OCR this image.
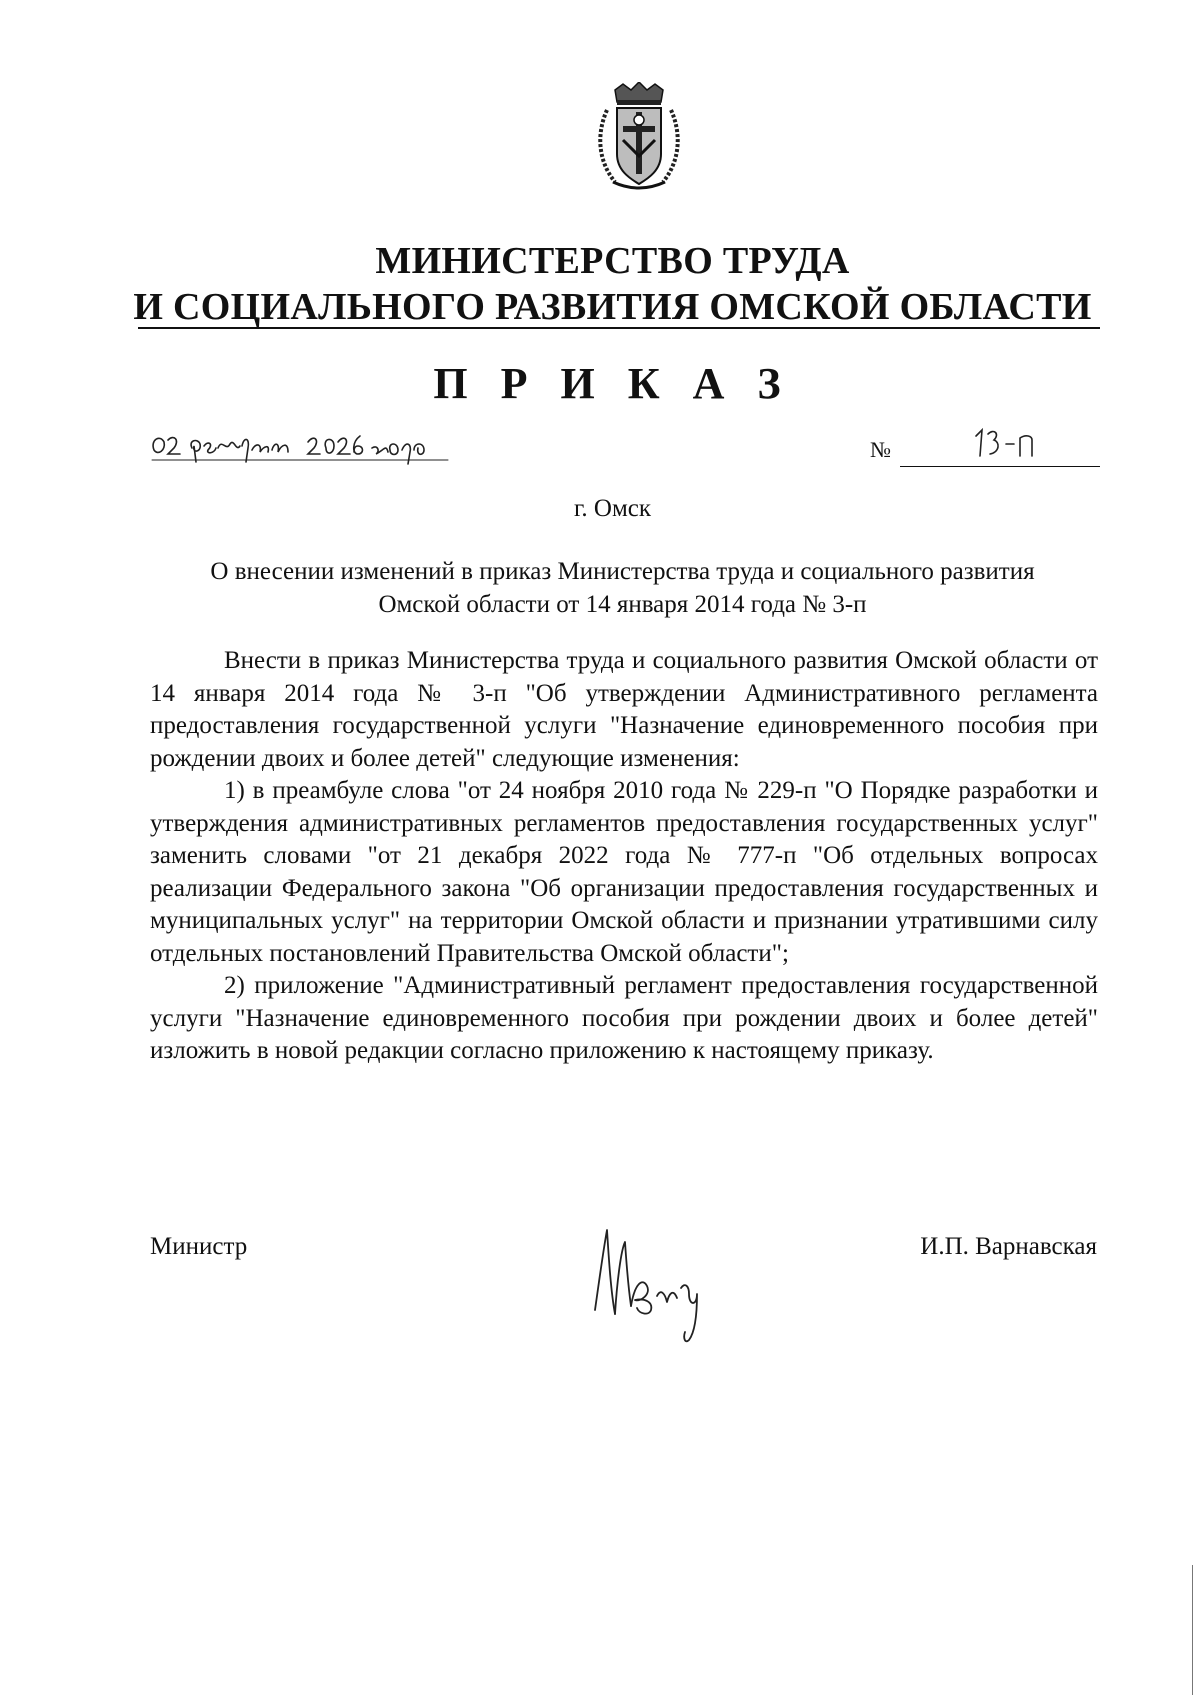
МИНИСТЕРСТВО ТРУДА
И СОЦИАЛЬНОГО РАЗВИТИЯ ОМСКОЙ ОБЛАСТИ
П Р И К А З
№
г. Омск
О внесении изменений в приказ Министерства труда и социального развития
Омской области от 14 января 2014 года № 3-п

Внести в приказ Министерства труда и социального развития Омской области от 14 января 2014 года № 3-п "Об утверждении Административного регламента предоставления государственной услуги "Назначение единовременного пособия при рождении двоих и более детей" следующие изменения:

1) в преамбуле слова "от 24 ноября 2010 года № 229-п "О Порядке разработки и утверждения административных регламентов предоставления государственных услуг" заменить словами "от 21 декабря 2022 года № 777-п "Об отдельных вопросах реализации Федерального закона "Об организации предоставления государственных и муниципальных услуг" на территории Омской области и признании утратившими силу отдельных постановлений Правительства Омской области";

2) приложение "Административный регламент предоставления государственной услуги "Назначение единовременного пособия при рождении двоих и более детей" изложить в новой редакции согласно приложению к настоящему приказу.

Министр	И.П. Варнавская
